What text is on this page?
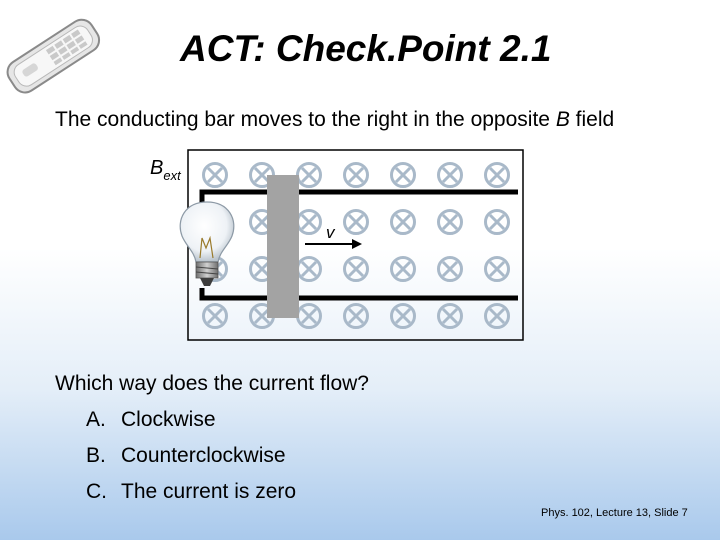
ACT: Check.Point 2.1

The conducting bar moves to the right in the opposite B field

v
$B_{ext}$

Which way does the current flow?

A. Clockwise
B. Counterclockwise
C. The current is zero

Phys. 102, Lecture 13, Slide 7
